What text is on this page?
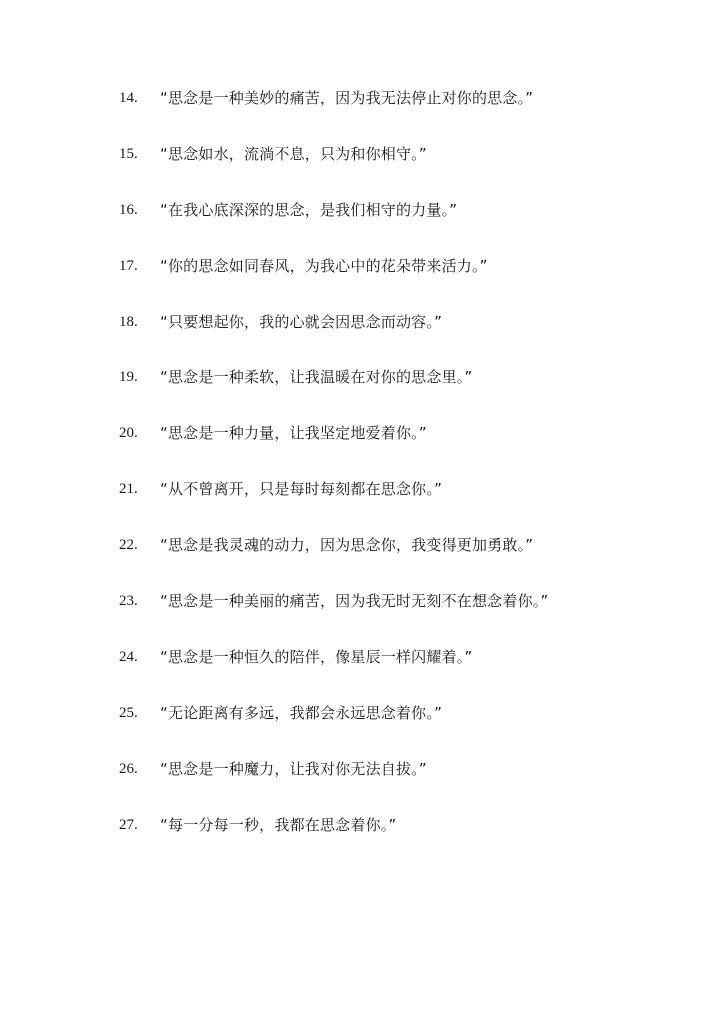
14.	“思念是一种美妙的痛苦，因为我无法停止对你的思念。”
15.	“思念如水，流淌不息，只为和你相守。”
16.	“在我心底深深的思念，是我们相守的力量。”
17.	“你的思念如同春风，为我心中的花朵带来活力。”
18.	“只要想起你，我的心就会因思念而动容。”
19.	“思念是一种柔软，让我温暖在对你的思念里。”
20.	“思念是一种力量，让我坚定地爱着你。”
21.	“从不曾离开，只是每时每刻都在思念你。”
22.	“思念是我灵魂的动力，因为思念你，我变得更加勇敢。”
23.	“思念是一种美丽的痛苦，因为我无时无刻不在想念着你。”
24.	“思念是一种恒久的陪伴，像星辰一样闪耀着。”
25.	“无论距离有多远，我都会永远思念着你。”
26.	“思念是一种魔力，让我对你无法自拔。”
27.	“每一分每一秒，我都在思念着你。”
